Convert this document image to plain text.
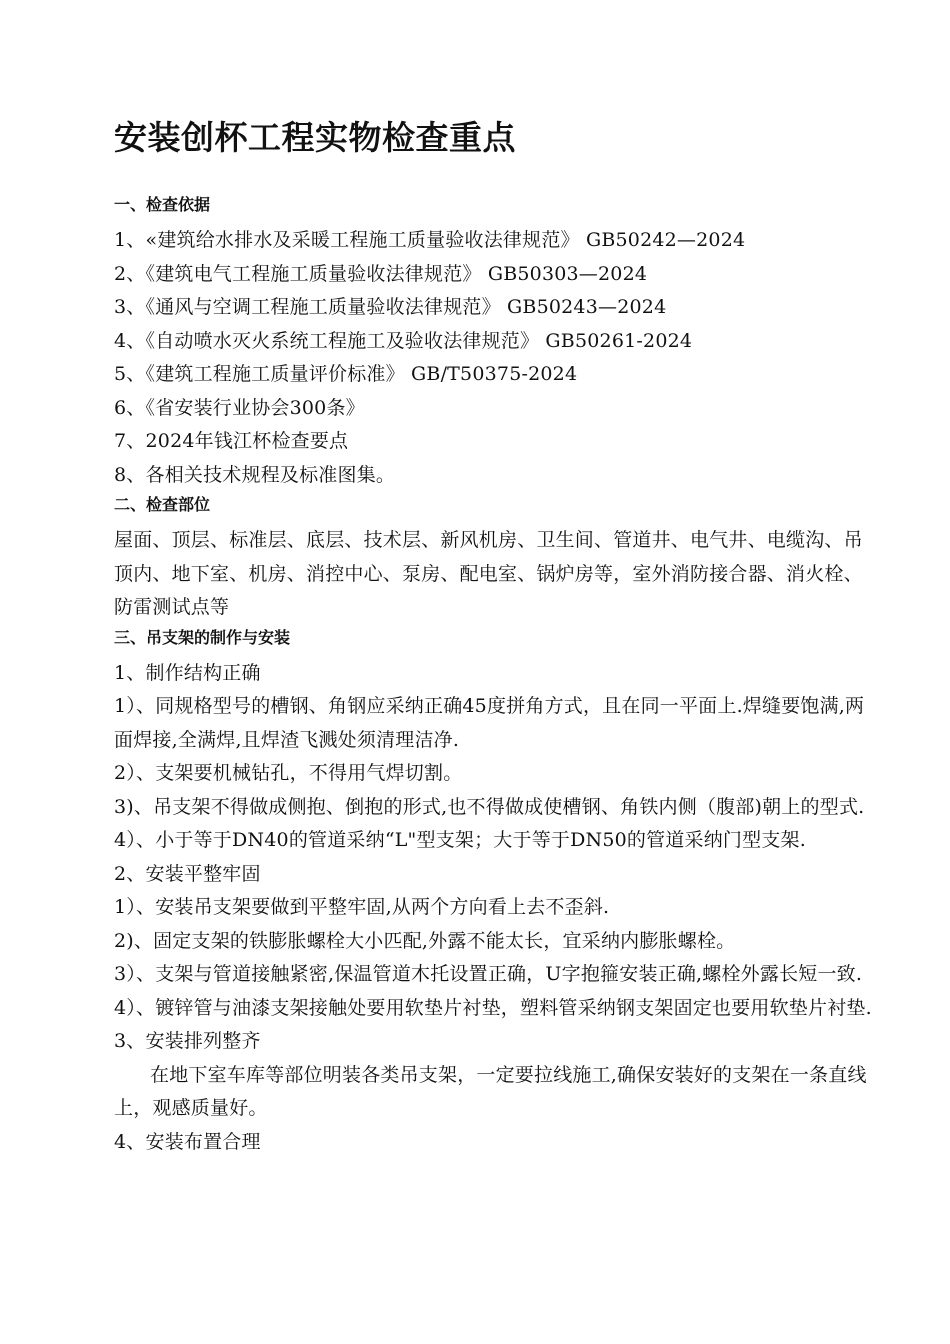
安装创杯工程实物检查重点
一、检查依据
1、«建筑给水排水及采暖工程施工质量验收法律规范》 GB50242—2024
2、《建筑电气工程施工质量验收法律规范》 GB50303—2024
3、《通风与空调工程施工质量验收法律规范》 GB50243—2024
4、《自动喷水灭火系统工程施工及验收法律规范》 GB50261-2024
5、《建筑工程施工质量评价标准》 GB/T50375-2024
6、《省安装行业协会300条》
7、2024年钱江杯检查要点
8、各相关技术规程及标准图集。
二、检查部位

屋面、顶层、标准层、底层、技术层、新风机房、卫生间、管道井、电气井、电缆沟、吊顶内、地下室、机房、消控中心、泵房、配电室、锅炉房等，室外消防接合器、消火栓、防雷测试点等

三、吊支架的制作与安装

1、制作结构正确

1）、同规格型号的槽钢、角钢应采纳正确45度拼角方式，且在同一平面上.焊缝要饱满,两面焊接,全满焊,且焊渣飞溅处须清理洁净.

2）、支架要机械钻孔，不得用气焊切割。

3)、吊支架不得做成侧抱、倒抱的形式,也不得做成使槽钢、角铁内侧（腹部)朝上的型式.

4）、小于等于DN40的管道采纳“L"型支架；大于等于DN50的管道采纳门型支架.

2、安装平整牢固

1）、安装吊支架要做到平整牢固,从两个方向看上去不歪斜.

2)、固定支架的铁膨胀螺栓大小匹配,外露不能太长，宜采纳内膨胀螺栓。

3）、支架与管道接触紧密,保温管道木托设置正确，U字抱箍安装正确,螺栓外露长短一致.

4）、镀锌管与油漆支架接触处要用软垫片衬垫，塑料管采纳钢支架固定也要用软垫片衬垫.

3、安装排列整齐

在地下室车库等部位明装各类吊支架，一定要拉线施工,确保安装好的支架在一条直线上，观感质量好。

4、安装布置合理
